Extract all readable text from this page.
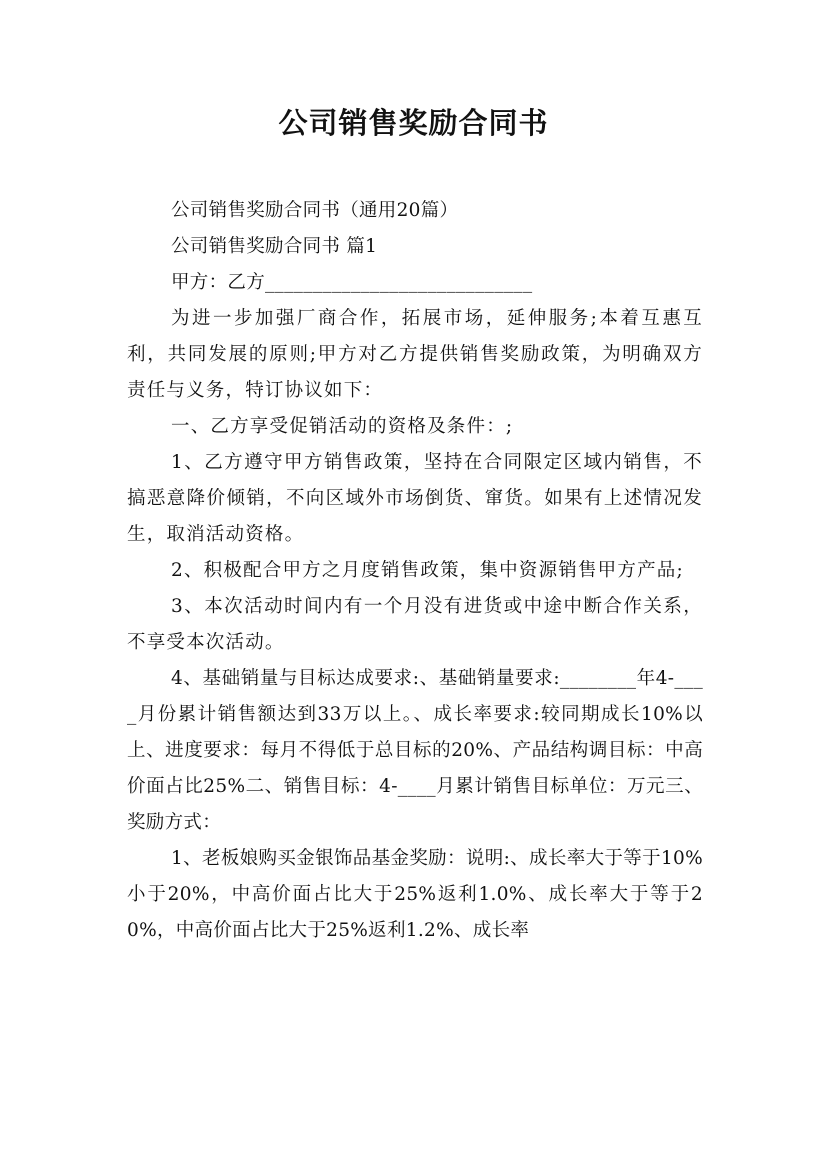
公司销售奖励合同书

公司销售奖励合同书（通用20篇）

公司销售奖励合同书 篇1

甲方：乙方____________________________

为进一步加强厂商合作，拓展市场，延伸服务;本着互惠互利，共同发展的原则;甲方对乙方提供销售奖励政策，为明确双方责任与义务，特订协议如下：

一、乙方享受促销活动的资格及条件：;

1、乙方遵守甲方销售政策，坚持在合同限定区域内销售，不搞恶意降价倾销，不向区域外市场倒货、窜货。如果有上述情况发生，取消活动资格。

2、积极配合甲方之月度销售政策，集中资源销售甲方产品;

3、本次活动时间内有一个月没有进货或中途中断合作关系，不享受本次活动。

4、基础销量与目标达成要求:、基础销量要求:________年4-____月份累计销售额达到33万以上。、成长率要求:较同期成长10%以上、进度要求：每月不得低于总目标的20%、产品结构调目标：中高价面占比25%二、销售目标：4-____月累计销售目标单位：万元三、奖励方式：

1、老板娘购买金银饰品基金奖励：说明:、成长率大于等于10%小于20%，中高价面占比大于25%返利1.0%、成长率大于等于20%，中高价面占比大于25%返利1.2%、成长率
